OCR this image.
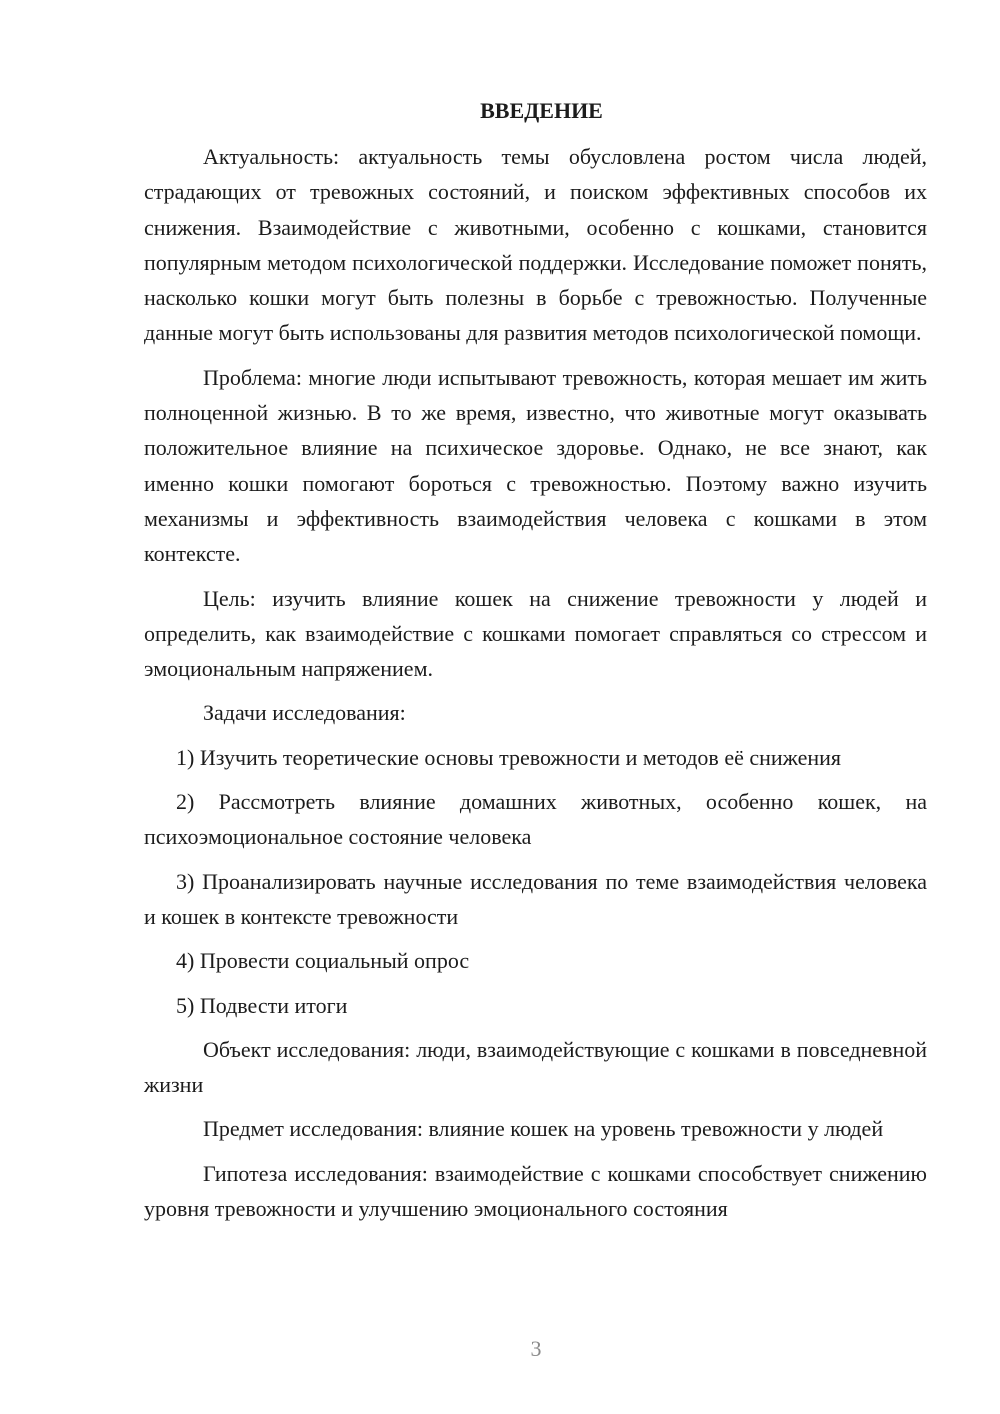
ВВЕДЕНИЕ

Актуальность: актуальность темы обусловлена ростом числа людей, страдающих от тревожных состояний, и поиском эффективных способов их снижения. Взаимодействие с животными, особенно с кошками, становится популярным методом психологической поддержки. Исследование поможет понять, насколько кошки могут быть полезны в борьбе с тревожностью. Полученные данные могут быть использованы для развития методов психологической помощи.

Проблема: многие люди испытывают тревожность, которая мешает им жить полноценной жизнью. В то же время, известно, что животные могут оказывать положительное влияние на психическое здоровье. Однако, не все знают, как именно кошки помогают бороться с тревожностью. Поэтому важно изучить механизмы и эффективность взаимодействия человека с кошками в этом контексте.

Цель: изучить влияние кошек на снижение тревожности у людей и определить, как взаимодействие с кошками помогает справляться со стрессом и эмоциональным напряжением.

Задачи исследования:

1) Изучить теоретические основы тревожности и методов её снижения

2) Рассмотреть влияние домашних животных, особенно кошек, на психоэмоциональное состояние человека

3) Проанализировать научные исследования по теме взаимодействия человека и кошек в контексте тревожности

4) Провести социальный опрос

5) Подвести итоги

Объект исследования: люди, взаимодействующие с кошками в повседневной жизни

Предмет исследования: влияние кошек на уровень тревожности у людей

Гипотеза исследования: взаимодействие с кошками способствует снижению уровня тревожности и улучшению эмоционального состояния

3
